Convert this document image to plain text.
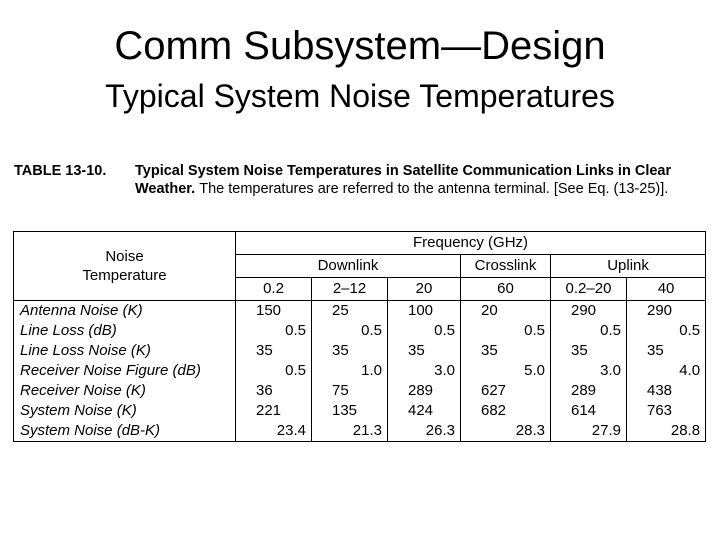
Comm Subsystem—Design
Typical System Noise Temperatures
TABLE 13-10. Typical System Noise Temperatures in Satellite Communication Links in Clear Weather. The temperatures are referred to the antenna terminal. [See Eq. (13-25)].
Noise Temperature	Frequency (GHz)					
	Downlink			Crosslink	Uplink	
	0.2	2–12	20	60	0.2–20	40
Antenna Noise (K)	150	25	100	20	290	290
Line Loss (dB)	0.5	0.5	0.5	0.5	0.5	0.5
Line Loss Noise (K)	35	35	35	35	35	35
Receiver Noise Figure (dB)	0.5	1.0	3.0	5.0	3.0	4.0
Receiver Noise (K)	36	75	289	627	289	438
System Noise (K)	221	135	424	682	614	763
System Noise (dB-K)	23.4	21.3	26.3	28.3	27.9	28.8
